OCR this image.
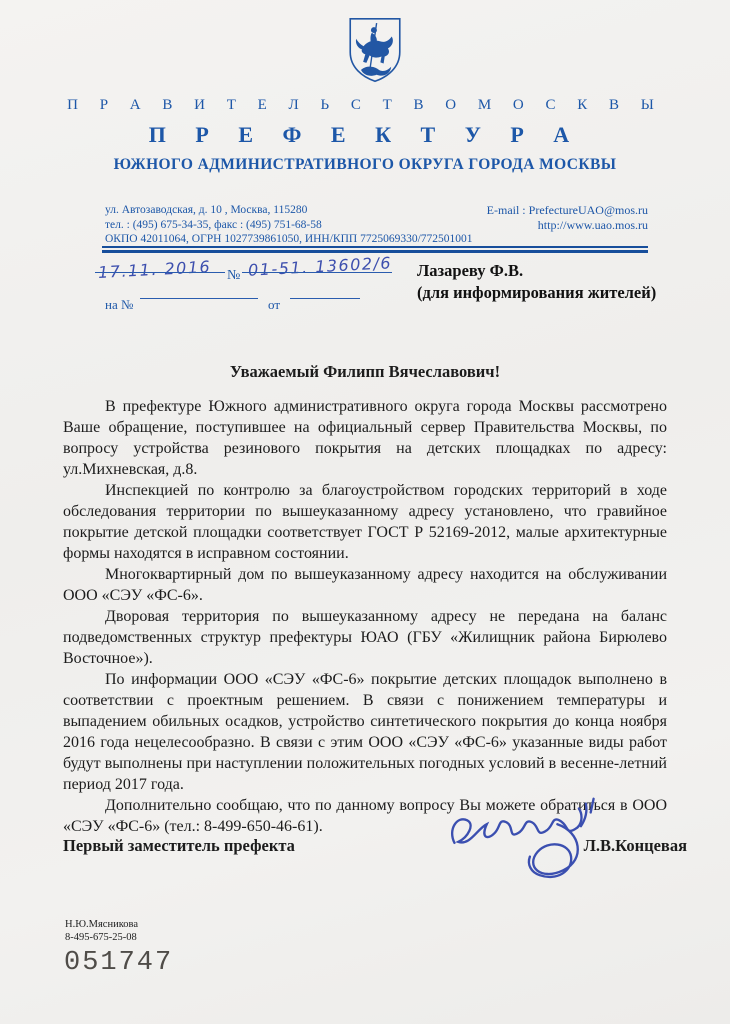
П Р А В И Т Е Л Ь С Т В О М О С К В Ы
П Р Е Ф Е К Т У Р А
ЮЖНОГО АДМИНИСТРАТИВНОГО ОКРУГА ГОРОДА МОСКВЫ
ул. Автозаводская, д. 10 , Москва, 115280
тел. : (495) 675-34-35, факс : (495) 751-68-58
ОКПО 42011064, ОГРН 1027739861050, ИНН/КПП 7725069330/772501001
E-mail : PrefectureUAO@mos.ru
http://www.uao.mos.ru
17.11. 2016 № 01-51. 13602/6
на №	от
Лазареву Ф.В.
(для информирования жителей)
Уважаемый Филипп Вячеславович!

В префектуре Южного административного округа города Москвы рассмотрено Ваше обращение, поступившее на официальный сервер Правительства Москвы, по вопросу устройства резинового покрытия на детских площадках по адресу: ул.Михневская, д.8.

Инспекцией по контролю за благоустройством городских территорий в ходе обследования территории по вышеуказанному адресу установлено, что гравийное покрытие детской площадки соответствует ГОСТ Р 52169-2012, малые архитектурные формы находятся в исправном состоянии.

Многоквартирный дом по вышеуказанному адресу находится на обслуживании ООО «СЭУ «ФС-6».

Дворовая территория по вышеуказанному адресу не передана на баланс подведомственных структур префектуры ЮАО (ГБУ «Жилищник района Бирюлево Восточное»).

По информации ООО «СЭУ «ФС-6» покрытие детских площадок выполнено в соответствии с проектным решением. В связи с понижением температуры и выпадением обильных осадков, устройство синтетического покрытия до конца ноября 2016 года нецелесообразно. В связи с этим ООО «СЭУ «ФС-6» указанные виды работ будут выполнены при наступлении положительных погодных условий в весенне-летний период 2017 года.

Дополнительно сообщаю, что по данному вопросу Вы можете обратиться в ООО «СЭУ «ФС-6» (тел.: 8-499-650-46-61).

Первый заместитель префекта	Л.В.Концевая
Н.Ю.Мясникова
8-495-675-25-08
051747
